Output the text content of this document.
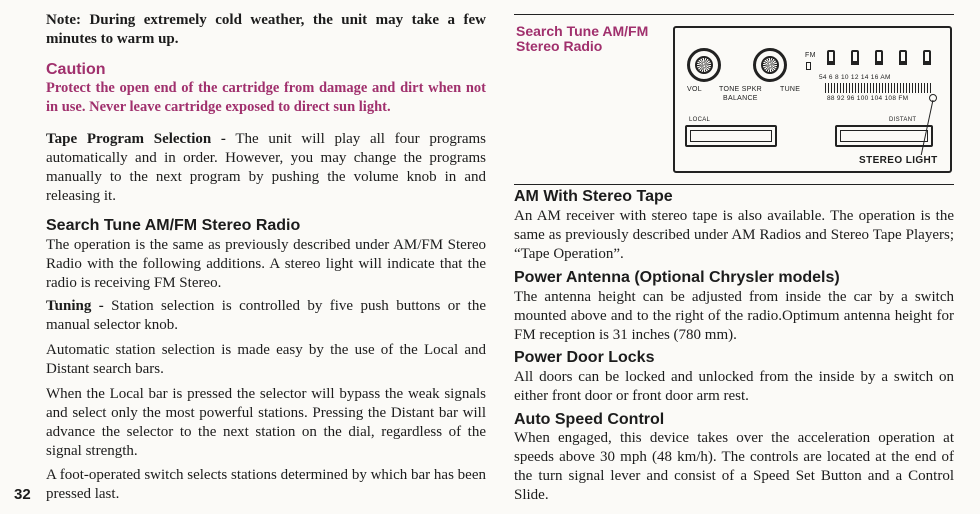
Note: During extremely cold weather, the unit may take a few minutes to warm up.

Caution

Protect the open end of the cartridge from damage and dirt when not in use. Never leave cartridge exposed to direct sun light.

Tape Program Selection - The unit will play all four programs automatically and in order. However, you may change the programs manually to the next program by pushing the volume knob in and releasing it.

Search Tune AM/FM Stereo Radio

The operation is the same as previously described under AM/FM Stereo Radio with the following additions. A stereo light will indicate that the radio is receiving FM Stereo.

Tuning - Station selection is controlled by five push buttons or the manual selector knob.

Automatic station selection is made easy by the use of the Local and Distant search bars.

When the Local bar is pressed the selector will bypass the weak signals and select only the most powerful stations. Pressing the Distant bar will advance the selector to the next station on the dial, regardless of the signal strength.

A foot-operated switch selects stations determined by which bar has been pressed last.

32
Search Tune AM/FM Stereo Radio
VOL TONE SPKR
BALANCE
TUNE
FM
54 6 8 10 12 14 16 AM
88 92 96 100 104 108 FM
LOCAL	DISTANT
STEREO LIGHT
AM With Stereo Tape

An AM receiver with stereo tape is also available. The operation is the same as previously described under AM Radios and Stereo Tape Players; “Tape Operation”.

Power Antenna (Optional Chrysler models)

The antenna height can be adjusted from inside the car by a switch mounted above and to the right of the radio.Optimum antenna height for FM reception is 31 inches (780 mm).

Power Door Locks

All doors can be locked and unlocked from the inside by a switch on either front door or front door arm rest.

Auto Speed Control

When engaged, this device takes over the acceleration operation at speeds above 30 mph (48 km/h). The controls are located at the end of the turn signal lever and consist of a Speed Set Button and a Control Slide.
